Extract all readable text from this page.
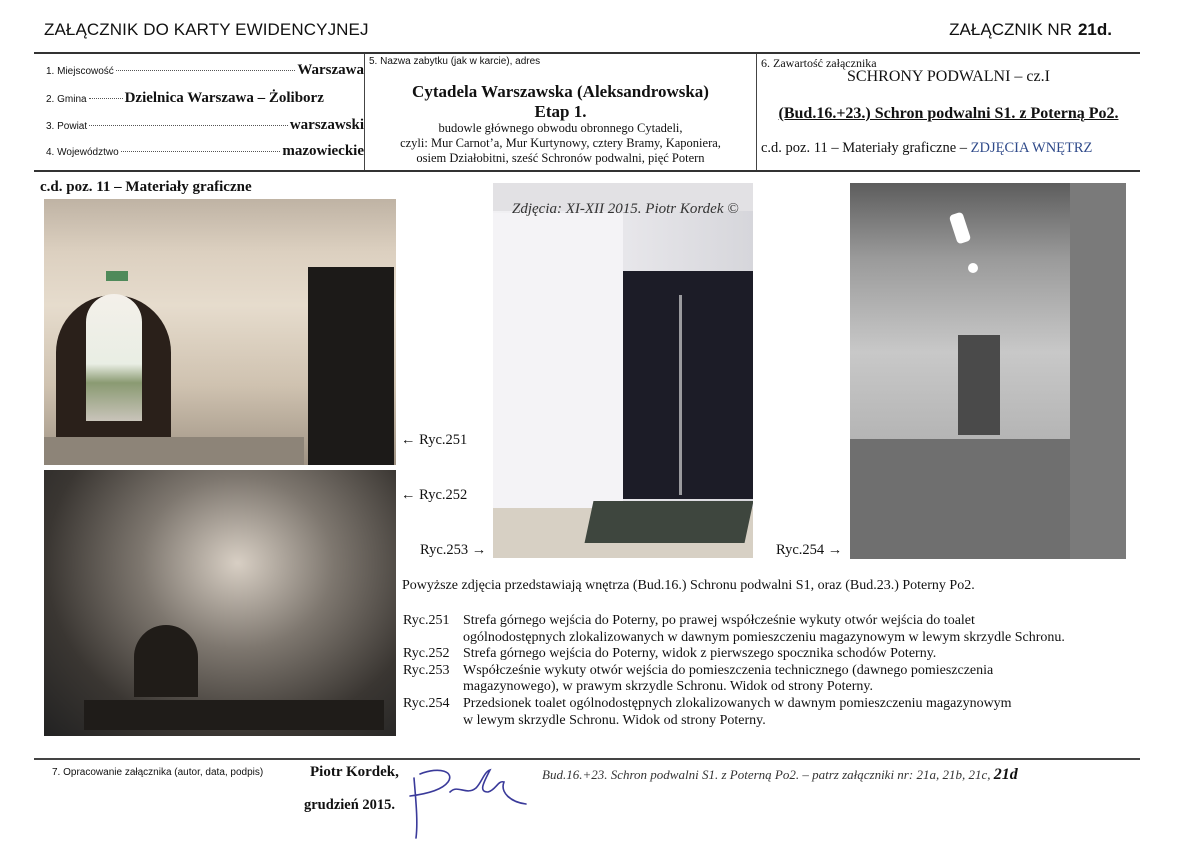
ZAŁĄCZNIK DO KARTY EWIDENCYJNEJ	ZAŁĄCZNIK NR 21d.
1. Miejscowość	Warszawa
2. Gmina	Dzielnica Warszawa – Żoliborz
3. Powiat	warszawski
4. Województwo	mazowieckie
5. Nazwa zabytku (jak w karcie), adres
Cytadela Warszawska (Aleksandrowska)
Etap 1.
budowle głównego obwodu obronnego Cytadeli,
czyli: Mur Carnot’a, Mur Kurtynowy, cztery Bramy, Kaponiera,
osiem Działobitni, sześć Schronów podwalni, pięć Potern
6. Zawartość załącznika
SCHRONY PODWALNI – cz.I
(Bud.16.+23.) Schron podwalni S1. z Poterną Po2.
c.d. poz. 11 – Materiały graficzne – ZDJĘCIA WNĘTRZ
c.d. poz. 11 – Materiały graficzne
Zdjęcia: XI-XII 2015. Piotr Kordek ©
← Ryc.251
← Ryc.252
Ryc.253 →	Ryc.254 →
Powyższe zdjęcia przedstawiają wnętrza (Bud.16.) Schronu podwalni S1, oraz (Bud.23.) Poterny Po2.
Ryc.251 Strefa górnego wejścia do Poterny, po prawej współcześnie wykuty otwór wejścia do toalet
ogólnodostępnych zlokalizowanych w dawnym pomieszczeniu magazynowym w lewym skrzydle Schronu.
Ryc.252 Strefa górnego wejścia do Poterny, widok z pierwszego spocznika schodów Poterny.
Ryc.253 Współcześnie wykuty otwór wejścia do pomieszczenia technicznego (dawnego pomieszczenia
magazynowego), w prawym skrzydle Schronu. Widok od strony Poterny.
Ryc.254 Przedsionek toalet ogólnodostępnych zlokalizowanych w dawnym pomieszczeniu magazynowym
w lewym skrzydle Schronu. Widok od strony Poterny.
7. Opracowanie załącznika (autor, data, podpis)	Piotr Kordek,
grudzień 2015.
Bud.16.+23. Schron podwalni S1. z Poterną Po2. – patrz załączniki nr: 21a, 21b, 21c, 21d
